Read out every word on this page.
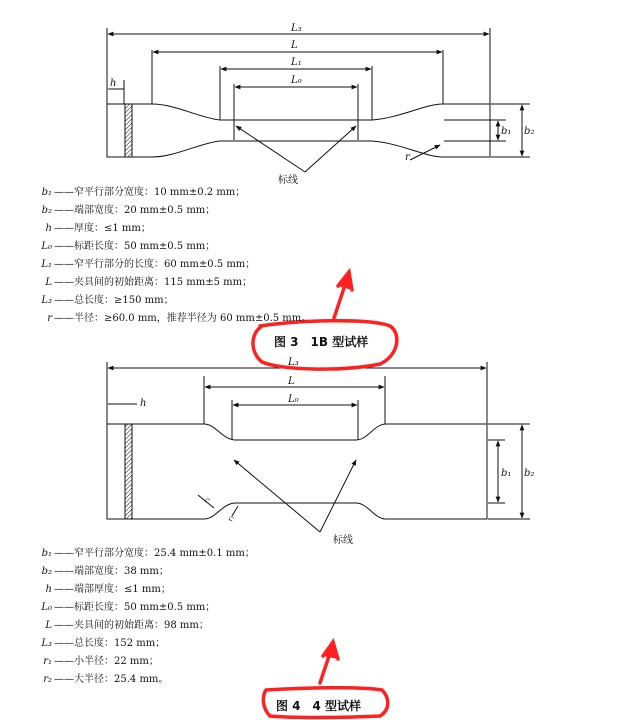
L₃
L
L₁
L₀
h
b₁ b₂
r
标线
L₃
L
L₀
h
b₁ b₂
r₂
r₁
标线
b₁ ——窄平行部分宽度：10 mm±0.2 mm；
b₂ ——端部宽度：20 mm±0.5 mm；
h ——厚度：≤1 mm；
L₀ ——标距长度：50 mm±0.5 mm；
L₁ ——窄平行部分的长度：60 mm±0.5 mm；
L ——夹具间的初始距离：115 mm±5 mm；
L₃ ——总长度：≥150 mm；
r ——半径：≥60.0 mm，推荐半径为 60 mm±0.5 mm。
图 3 1B 型试样
b₁ ——窄平行部分宽度：25.4 mm±0.1 mm；
b₂ ——端部宽度：38 mm；
h ——端部厚度：≤1 mm；
L₀ ——标距长度：50 mm±0.5 mm；
L ——夹具间的初始距离：98 mm；
L₃ ——总长度：152 mm；
r₁ ——小半径：22 mm；
r₂ ——大半径：25.4 mm。
图 4 4 型试样
